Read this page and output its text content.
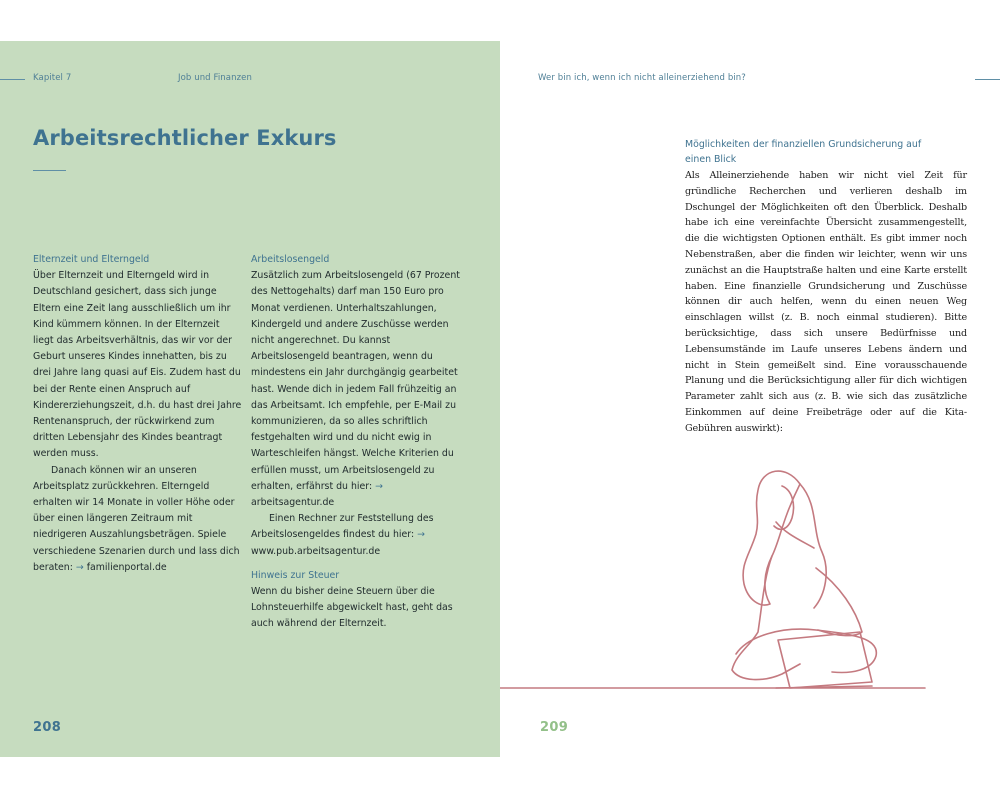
Kapitel 7	Job und Finanzen	Wer bin ich, wenn ich nicht alleinerziehend bin?
Arbeitsrechtlicher Exkurs
Elternzeit und Elterngeld

Über Elternzeit und Elterngeld wird in Deutschland gesichert, dass sich junge Eltern eine Zeit lang ausschließlich um ihr Kind kümmern können. In der Elternzeit liegt das Arbeitsverhältnis, das wir vor der Geburt unseres Kindes innehatten, bis zu drei Jahre lang quasi auf Eis. Zudem hast du bei der Rente einen Anspruch auf Kindererziehungszeit, d.h. du hast drei Jahre Rentenanspruch, der rückwirkend zum dritten Lebensjahr des Kindes beantragt werden muss.

Danach können wir an unseren Arbeitsplatz zurückkehren. Elterngeld erhalten wir 14 Monate in voller Höhe oder über einen längeren Zeitraum mit niedrigeren Auszahlungsbeträgen. Spiele verschiedene Szenarien durch und lass dich beraten: → familienportal.de

Arbeitslosengeld

Zusätzlich zum Arbeitslosengeld (67 Prozent des Nettogehalts) darf man 150 Euro pro Monat verdienen. Unterhaltszahlungen, Kindergeld und andere Zuschüsse werden nicht angerechnet. Du kannst Arbeitslosengeld beantragen, wenn du mindestens ein Jahr durchgängig gearbeitet hast. Wende dich in jedem Fall frühzeitig an das Arbeitsamt. Ich empfehle, per E-Mail zu kommunizieren, da so alles schriftlich festgehalten wird und du nicht ewig in Warteschleifen hängst. Welche Kriterien du erfüllen musst, um Arbeitslosengeld zu erhalten, erfährst du hier: → arbeitsagentur.de

Einen Rechner zur Feststellung des Arbeitslosengeldes findest du hier: → www.pub.arbeitsagentur.de

Hinweis zur Steuer

Wenn du bisher deine Steuern über die Lohnsteuerhilfe abgewickelt hast, geht das auch während der Elternzeit.

208
Möglichkeiten der finanziellen Grundsicherung auf einen Blick
Als Alleinerziehende haben wir nicht viel Zeit für gründliche Recherchen und verlieren deshalb im Dschungel der Möglichkeiten oft den Überblick. Deshalb habe ich eine vereinfachte Übersicht zusammengestellt, die die wichtigsten Optionen enthält. Es gibt immer noch Nebenstraßen, aber die finden wir leichter, wenn wir uns zunächst an die Hauptstraße halten und eine Karte erstellt haben. Eine finanzielle Grundsicherung und Zuschüsse können dir auch helfen, wenn du einen neuen Weg einschlagen willst (z. B. noch einmal studieren). Bitte berücksichtige, dass sich unsere Bedürfnisse und Lebensumstände im Laufe unseres Lebens ändern und nicht in Stein gemeißelt sind. Eine vorausschauende Planung und die Berücksichtigung aller für dich wichtigen Parameter zahlt sich aus (z. B. wie sich das zusätzliche Einkommen auf deine Freibeträge oder auf die Kita-Gebühren auswirkt):
209
